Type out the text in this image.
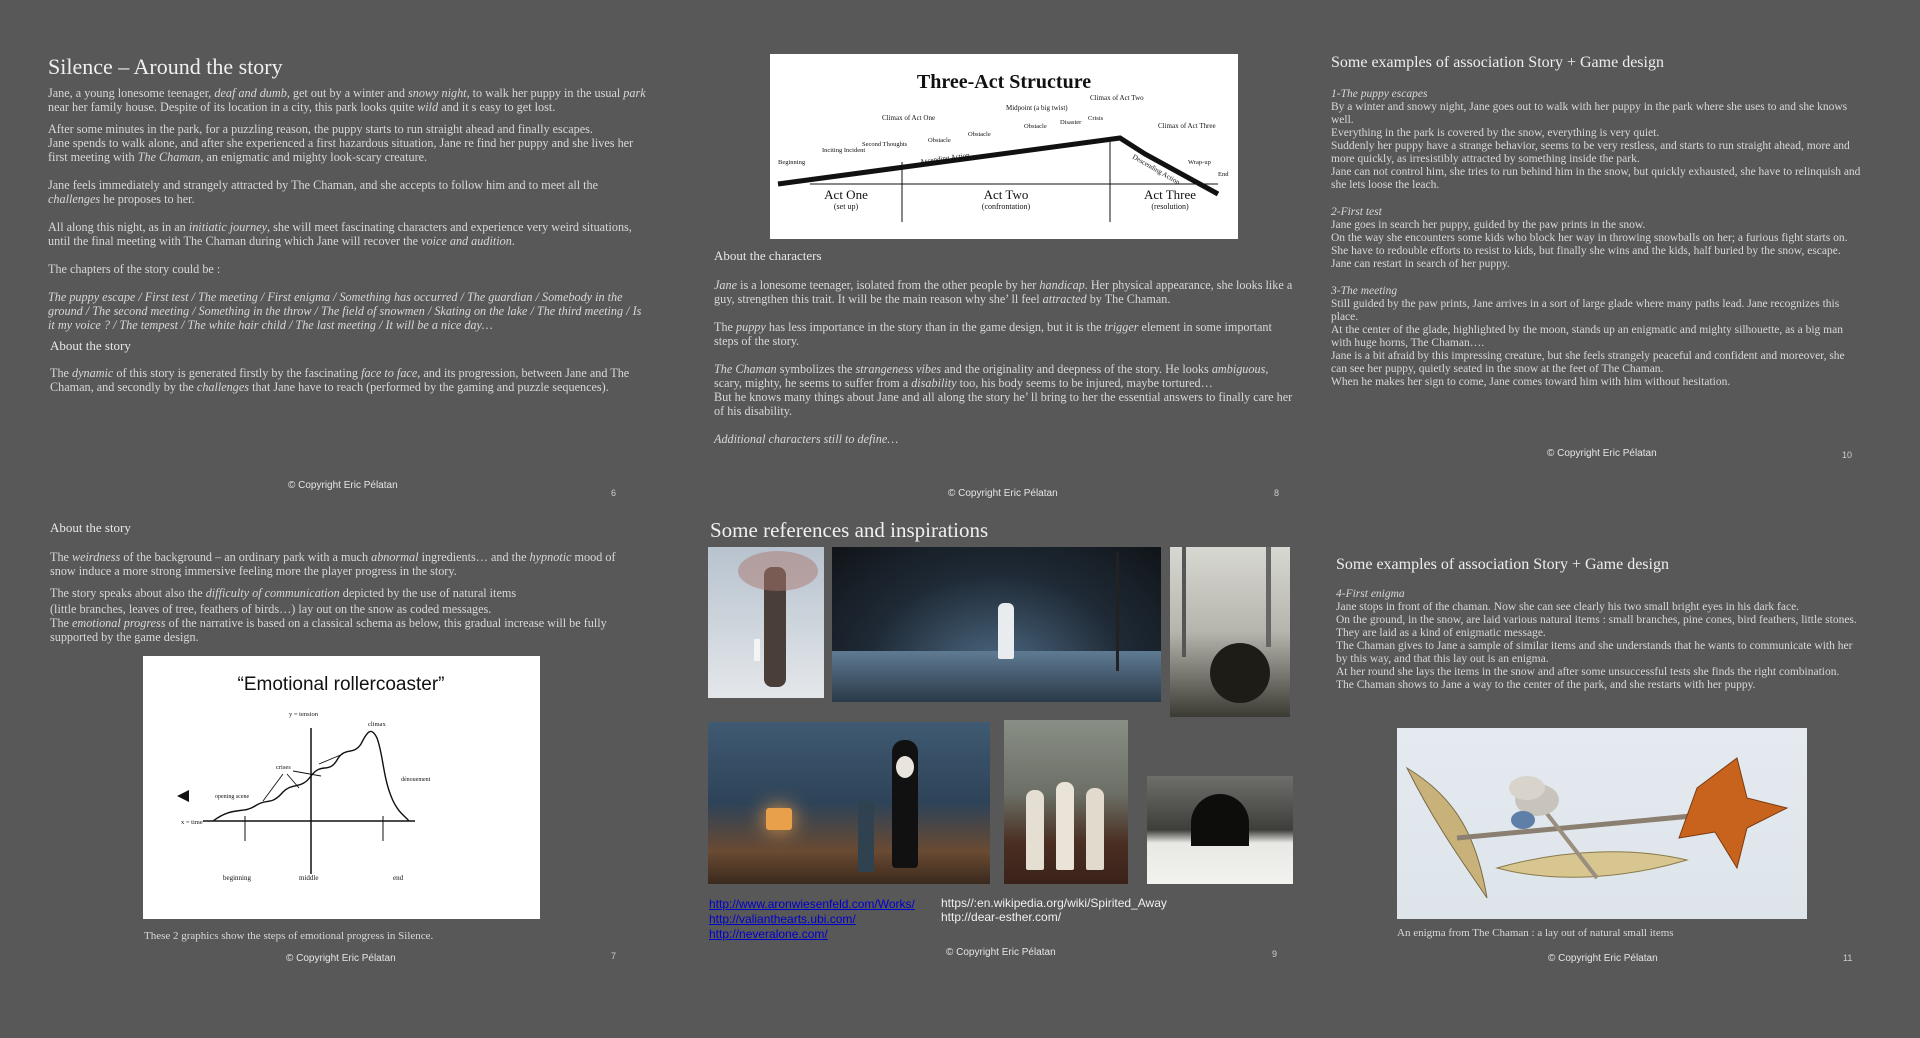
Silence – Around the story

Jane, a young lonesome teenager, deaf and dumb, get out by a winter and snowy night, to walk her puppy in the usual park near her family house. Despite of its location in a city, this park looks quite wild and it s easy to get lost.

After some minutes in the park, for a puzzling reason, the puppy starts to run straight ahead and finally escapes.

Jane spends to walk alone, and after she experienced a first hazardous situation, Jane re find her puppy and she lives her first meeting with The Chaman, an enigmatic and mighty look-scary creature.

Jane feels immediately and strangely attracted by The Chaman, and she accepts to follow him and to meet all the challenges he proposes to her.

All along this night, as in an initiatic journey, she will meet fascinating characters and experience very weird situations, until the final meeting with The Chaman during which Jane will recover the voice and audition.

The chapters of the story could be :

The puppy escape / First test / The meeting / First enigma / Something has occurred / The guardian / Somebody in the ground / The second meeting / Something in the throw / The field of snowmen / Skating on the lake / The third meeting / Is it my voice ? / The tempest / The white hair child / The last meeting / It will be a nice day…

About the story

The dynamic of this story is generated firstly by the fascinating face to face, and its progression, between Jane and The Chaman, and secondly by the challenges that Jane have to reach (performed by the gaming and puzzle sequences).

© Copyright Eric Pélatan
6
About the story

The weirdness of the background – an ordinary park with a much abnormal ingredients… and the hypnotic mood of snow induce a more strong immersive feeling more the player progress in the story.

The story speaks about also the difficulty of communication depicted by the use of natural items

(little branches, leaves of tree, feathers of birds…) lay out on the snow as coded messages.

The emotional progress of the narrative is based on a classical schema as below, this gradual increase will be fully supported by the game design.

“Emotional rollercoaster”
y = tension
x = time
climax
crises
opening scene
dénouement
beginning	middle	end
These 2 graphics show the steps of emotional progress in Silence.
© Copyright Eric Pélatan	7
Three-Act Structure
Beginning
Inciting Incident
Second Thoughts
Climax of Act One
Obstacle
Obstacle
Midpoint (a big twist)
Obstacle
Disaster
Crisis
Climax of Act Two
Climax of Act Three
Wrap-up
End
Ascending Action	Descending Action
Act One
(set up)
Act Two
(confrontation)
Act Three
(resolution)
About the characters

Jane is a lonesome teenager, isolated from the other people by her handicap. Her physical appearance, she looks like a guy, strengthen this trait. It will be the main reason why she’ ll feel attracted by The Chaman.

The puppy has less importance in the story than in the game design, but it is the trigger element in some important steps of the story.

The Chaman symbolizes the strangeness vibes and the originality and deepness of the story. He looks ambiguous, scary, mighty, he seems to suffer from a disability too, his body seems to be injured, maybe tortured…

But he knows many things about Jane and all along the story he’ ll bring to her the essential answers to finally care her of his disability.

Additional characters still to define…

© Copyright Eric Pélatan	8
Some references and inspirations
http://www.aronwiesenfeld.com/Works/
http://valianthearts.ubi.com/
http://neveralone.com/
https//:en.wikipedia.org/wiki/Spirited_Away
http://dear-esther.com/
© Copyright Eric Pélatan	9
Some examples of association Story + Game design
1-The puppy escapes
By a winter and snowy night, Jane goes out to walk with her puppy in the park where she uses to and she knows well.
Everything in the park is covered by the snow, everything is very quiet.
Suddenly her puppy have a strange behavior, seems to be very restless, and starts to run straight ahead, more and more quickly, as irresistibly attracted by something inside the park.
Jane can not control him, she tries to run behind him in the snow, but quickly exhausted, she have to relinquish and she lets loose the leach.
2-First test
Jane goes in search her puppy, guided by the paw prints in the snow.
On the way she encounters some kids who block her way in throwing snowballs on her; a furious fight starts on.
She have to redouble efforts to resist to kids, but finally she wins and the kids, half buried by the snow, escape.
Jane can restart in search of her puppy.
3-The meeting
Still guided by the paw prints, Jane arrives in a sort of large glade where many paths lead. Jane recognizes this place.
At the center of the glade, highlighted by the moon, stands up an enigmatic and mighty silhouette, as a big man with huge horns, The Chaman….
Jane is a bit afraid by this impressing creature, but she feels strangely peaceful and confident and moreover, she can see her puppy, quietly seated in the snow at the feet of The Chaman.
When he makes her sign to come, Jane comes toward him with him without hesitation.
© Copyright Eric Pélatan	10
Some examples of association Story + Game design
4-First enigma
Jane stops in front of the chaman. Now she can see clearly his two small bright eyes in his dark face.
On the ground, in the snow, are laid various natural items : small branches, pine cones, bird feathers, little stones.
They are laid as a kind of enigmatic message.
The Chaman gives to Jane a sample of similar items and she understands that he wants to communicate with her by this way, and that this lay out is an enigma.
At her round she lays the items in the snow and after some unsuccessful tests she finds the right combination.
The Chaman shows to Jane a way to the center of the park, and she restarts with her puppy.
An enigma from The Chaman : a lay out of natural small items
© Copyright Eric Pélatan	11
